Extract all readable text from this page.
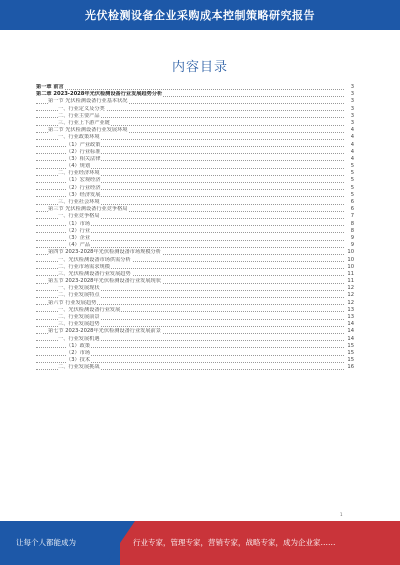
光伏检测设备企业采购成本控制策略研究报告
内容目录
第一章 前言	3
第二章 2023-2028年光伏检测设备行业发展趋势分析	3
第一节 光伏检测设备行业基本状况	3
一、行业定义及分类	3
二、行业主要产品	3
三、行业上下游产业链	3
第二节 光伏检测设备行业发展环境	4
一、行业政策环境	4
（1）产业政策	4
（2）行业标准	4
（3）相关法律	4
（4）规划	5
二、行业经济环境	5
（1）宏观经济	5
（2）行业经济	5
（3）经济发展	5
三、行业社会环境	6
第三节 光伏检测设备行业竞争格局	6
一、行业竞争格局	7
（1）市场	8
（2）行业	8
（3）企业	9
（4）产品	9
第四节 2023-2028年光伏检测设备市场规模分析	10
一、光伏检测设备市场供需分析	10
二、行业市场需求规模	10
三、光伏检测设备行业发展趋势	11
第五节 2023-2028年光伏检测设备行业发展现状	11
一、行业发展现状	12
二、行业发展特点	12
第六节 行业发展趋势	12
一、光伏检测设备行业发展	13
二、行业发展前景	13
三、行业发展趋势	14
第七节 2023-2028年光伏检测设备行业发展前景	14
一、行业发展机遇	14
（1）政策	15
（2）市场	15
（3）技术	15
二、行业发展挑战	16
1
让每个人都能成为	行业专家，管理专家，营销专家，战略专家，成为企业家……
